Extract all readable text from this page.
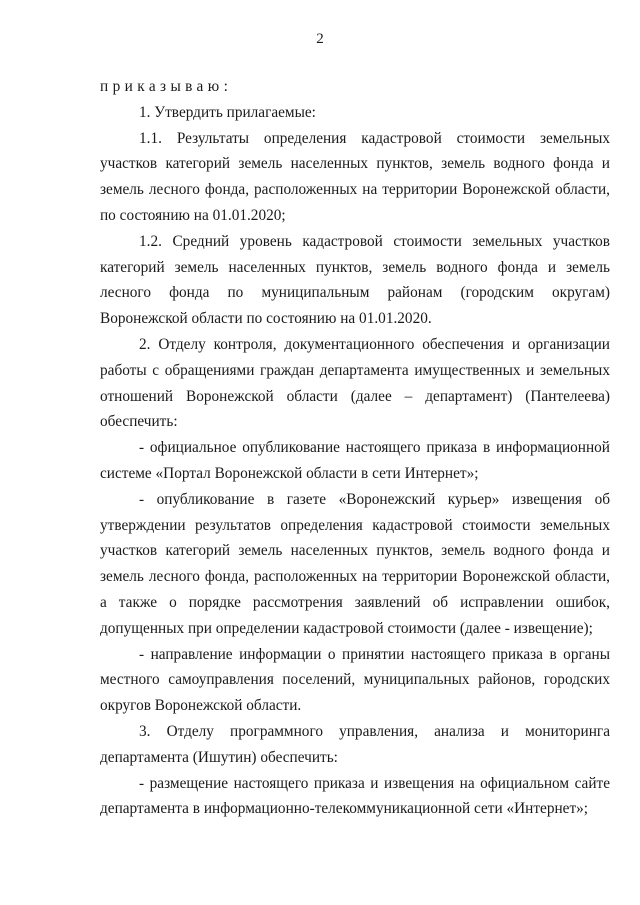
2
приказываю:
1. Утвердить прилагаемые:
1.1. Результаты определения кадастровой стоимости земельных
участков категорий земель населенных пунктов, земель водного фонда и
земель лесного фонда, расположенных на территории Воронежской области,
по состоянию на 01.01.2020;
1.2. Средний уровень кадастровой стоимости земельных участков
категорий земель населенных пунктов, земель водного фонда и земель
лесного фонда по муниципальным районам (городским округам)
Воронежской области по состоянию на 01.01.2020.
2. Отделу контроля, документационного обеспечения и организации
работы с обращениями граждан департамента имущественных и земельных
отношений Воронежской области (далее – департамент) (Пантелеева)
обеспечить:
- официальное опубликование настоящего приказа в информационной
системе «Портал Воронежской области в сети Интернет»;
- опубликование в газете «Воронежский курьер» извещения об
утверждении результатов определения кадастровой стоимости земельных
участков категорий земель населенных пунктов, земель водного фонда и
земель лесного фонда, расположенных на территории Воронежской области,
а также о порядке рассмотрения заявлений об исправлении ошибок,
допущенных при определении кадастровой стоимости (далее - извещение);
- направление информации о принятии настоящего приказа в органы
местного самоуправления поселений, муниципальных районов, городских
округов Воронежской области.
3. Отделу программного управления, анализа и мониторинга
департамента (Ишутин) обеспечить:
- размещение настоящего приказа и извещения на официальном сайте
департамента в информационно-телекоммуникационной сети «Интернет»;
